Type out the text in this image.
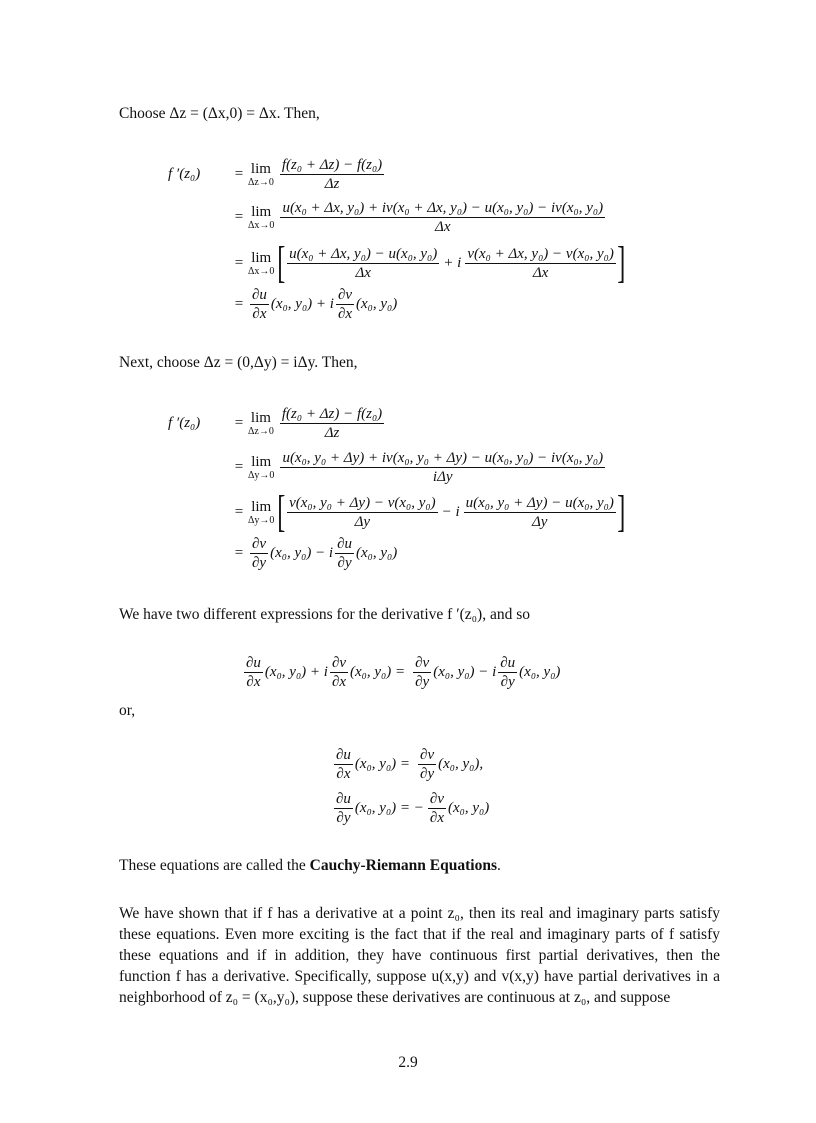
Choose Δz = (Δx,0) = Δx. Then,
f ′(z₀)	= lim
$\Delta z\to 0 \frac{\text{f(z₀ + Δz) − f(z₀)}}{\Delta z}$
= lim
$\Delta x\to 0 \frac{\text{u(x₀ + Δx, y₀) + iv(x₀ + Δx, y₀) − u(x₀, y₀) − iv(x₀, y₀)}}{\Delta x}$
= lim
Δx→0 [ $\frac{\text{u(x₀ + Δx, y₀) − u(x₀, y₀)}}{\Delta x} + i \frac{\text{v(x₀ + Δx, y₀) − v(x₀, y₀)}}{\Delta x}$ ]
= $\frac{\partial u}{\partial x} (x_0$, y₀) + i $\frac{\partial v}{\partial x} (x_0$, y₀)
Next, choose Δz = (0,Δy) = iΔy. Then,
f ′(z₀)	= lim
$\Delta z\to 0 \frac{\text{f(z₀ + Δz) − f(z₀)}}{\Delta z}$
= lim
$\Delta y\to 0 \frac{\text{u(x₀, y₀ + Δy) + iv(x₀, y₀ + Δy) − u(x₀, y₀) − iv(x₀, y₀)}}{\text{iΔy}}$
= lim
Δy→0 [ $\frac{\text{v(x₀, y₀ + Δy) − v(x₀, y₀)}}{\Delta y} - i \frac{\text{u(x₀, y₀ + Δy) − u(x₀, y₀)}}{\Delta y}$ ]
= $\frac{\partial v}{\partial y} (x_0$, y₀) − i $\frac{\partial u}{\partial y} (x_0$, y₀)
We have two different expressions for the derivative f ′(z₀), and so
$\frac{\partial u}{\partial x} (x_0$, y₀) + i $\frac{\partial v}{\partial x} (x_0$, $y_0) = \frac{\partial v}{\partial y} (x_0$, y₀) − i $\frac{\partial u}{\partial y} (x_0$, y₀)
or,
$\frac{\partial u}{\partial x} (x_0$, $y_0) = \frac{\partial v}{\partial y} (x_0$, y₀),
$\frac{\partial u}{\partial y} (x_0$, y₀) = − $\frac{\partial v}{\partial x} (x_0$, y₀)
These equations are called the Cauchy-Riemann Equations.
We have shown that if f has a derivative at a point z₀, then its real and imaginary parts satisfy these equations. Even more exciting is the fact that if the real and imaginary parts of f satisfy these equations and if in addition, they have continuous first partial derivatives, then the function f has a derivative. Specifically, suppose u(x,y) and v(x,y) have partial derivatives in a neighborhood of z₀ = (x₀,y₀), suppose these derivatives are continuous at z₀, and suppose
2.9
